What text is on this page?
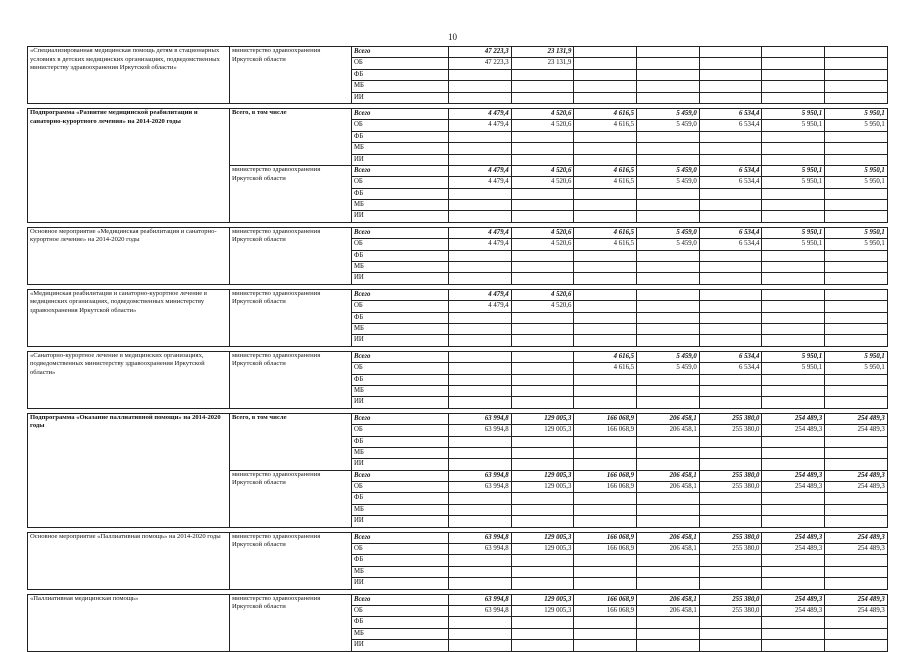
10
«Специализированная медицинская помощь детям в стационарных условиях в детских медицинских организациях, подведомственных министерству здравоохранения Иркутской области»	министерство здравоохранения Иркутской области	Всего	47 223,3	23 131,9					
		ОБ	47 223,3	23 131,9					
		ФБ							
		МБ							
		ИИ							

Подпрограмма «Развитие медицинской реабилитации и санаторно-курортного лечения» на 2014-2020 годы	Всего, в том числе	Всего	4 479,4	4 520,6	4 616,5	5 459,0	6 534,4	5 950,1	5 950,1
		ОБ	4 479,4	4 520,6	4 616,5	5 459,0	6 534,4	5 950,1	5 950,1
		ФБ							
		МБ							
		ИИ							
	министерство здравоохранения Иркутской области	Всего	4 479,4	4 520,6	4 616,5	5 459,0	6 534,4	5 950,1	5 950,1
		ОБ	4 479,4	4 520,6	4 616,5	5 459,0	6 534,4	5 950,1	5 950,1
		ФБ							
		МБ							
		ИИ							

Основное мероприятие «Медицинская реабилитация и санаторно-курортное лечение» на 2014-2020 годы	министерство здравоохранения Иркутской области	Всего	4 479,4	4 520,6	4 616,5	5 459,0	6 534,4	5 950,1	5 950,1
		ОБ	4 479,4	4 520,6	4 616,5	5 459,0	6 534,4	5 950,1	5 950,1
		ФБ							
		МБ							
		ИИ							

«Медицинская реабилитация и санаторно-курортное лечение в медицинских организациях, подведомственных министерству здравоохранения Иркутской области»	министерство здравоохранения Иркутской области	Всего	4 479,4	4 520,6					
		ОБ	4 479,4	4 520,6					
		ФБ							
		МБ							
		ИИ							

«Санаторно-курортное лечение в медицинских организациях, подведомственных министерству здравоохранения Иркутской области»	министерство здравоохранения Иркутской области	Всего			4 616,5	5 459,0	6 534,4	5 950,1	5 950,1
		ОБ			4 616,5	5 459,0	6 534,4	5 950,1	5 950,1
		ФБ							
		МБ							
		ИИ							

Подпрограмма «Оказание паллиативной помощи» на 2014-2020 годы	Всего, в том числе	Всего	63 994,8	129 005,3	166 068,9	206 458,1	255 380,0	254 489,3	254 489,3
		ОБ	63 994,8	129 005,3	166 068,9	206 458,1	255 380,0	254 489,3	254 489,3
		ФБ							
		МБ							
		ИИ							
	министерство здравоохранения Иркутской области	Всего	63 994,8	129 005,3	166 068,9	206 458,1	255 380,0	254 489,3	254 489,3
		ОБ	63 994,8	129 005,3	166 068,9	206 458,1	255 380,0	254 489,3	254 489,3
		ФБ							
		МБ							
		ИИ							

Основное мероприятие «Паллиативная помощь» на 2014-2020 годы	министерство здравоохранения Иркутской области	Всего	63 994,8	129 005,3	166 068,9	206 458,1	255 380,0	254 489,3	254 489,3
		ОБ	63 994,8	129 005,3	166 068,9	206 458,1	255 380,0	254 489,3	254 489,3
		ФБ							
		МБ							
		ИИ							

«Паллиативная медицинская помощь»	министерство здравоохранения Иркутской области	Всего	63 994,8	129 005,3	166 068,9	206 458,1	255 380,0	254 489,3	254 489,3
		ОБ	63 994,8	129 005,3	166 068,9	206 458,1	255 380,0	254 489,3	254 489,3
		ФБ							
		МБ							
		ИИ							
